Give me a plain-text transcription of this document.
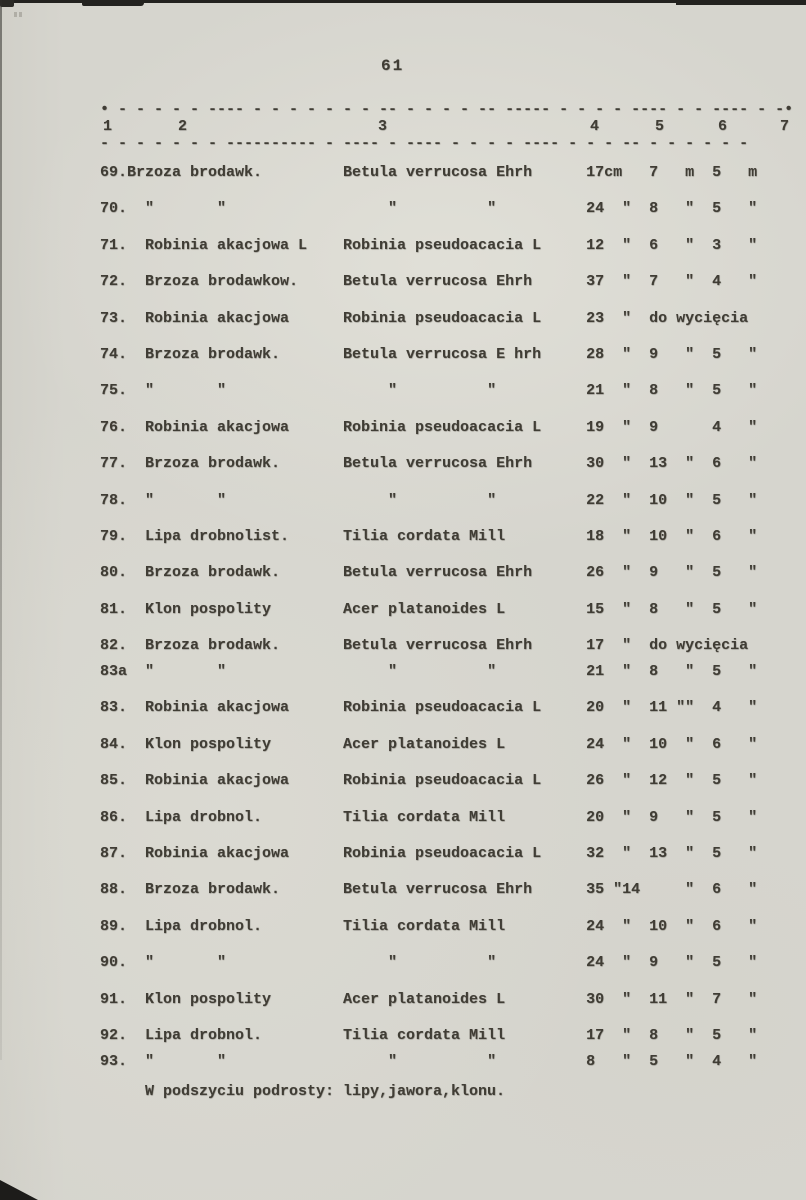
61
• - - - - - ---- - - - - - - - -- - - - - -- ----- - - - - ---- - - ---- - -•
1	2	3	4	5	6	7
- - - - - - - ---------- - ---- - ---- - - - - ---- - - - -- - - - - - -
69.Brzoza brodawk.         Betula verrucosa Ehrh      17cm   7   m  5   m
70.  "       "                  "          "          24  "  8   "  5   "
71.  Robinia akacjowa L    Robinia pseudoacacia L     12  "  6   "  3   "
72.  Brzoza brodawkow.     Betula verrucosa Ehrh      37  "  7   "  4   "
73.  Robinia akacjowa      Robinia pseudoacacia L     23  "  do wycięcia
74.  Brzoza brodawk.       Betula verrucosa E hrh     28  "  9   "  5   "
75.  "       "                  "          "          21  "  8   "  5   "
76.  Robinia akacjowa      Robinia pseudoacacia L     19  "  9      4   "
77.  Brzoza brodawk.       Betula verrucosa Ehrh      30  "  13  "  6   "
78.  "       "                  "          "          22  "  10  "  5   "
79.  Lipa drobnolist.      Tilia cordata Mill         18  "  10  "  6   "
80.  Brzoza brodawk.       Betula verrucosa Ehrh      26  "  9   "  5   "
81.  Klon pospolity        Acer platanoides L         15  "  8   "  5   "
82.  Brzoza brodawk.       Betula verrucosa Ehrh      17  "  do wycięcia
83a  "       "                  "          "          21  "  8   "  5   "
83.  Robinia akacjowa      Robinia pseudoacacia L     20  "  11 ""  4   "
84.  Klon pospolity        Acer platanoides L         24  "  10  "  6   "
85.  Robinia akacjowa      Robinia pseudoacacia L     26  "  12  "  5   "
86.  Lipa drobnol.         Tilia cordata Mill         20  "  9   "  5   "
87.  Robinia akacjowa      Robinia pseudoacacia L     32  "  13  "  5   "
88.  Brzoza brodawk.       Betula verrucosa Ehrh      35 "14     "  6   "
89.  Lipa drobnol.         Tilia cordata Mill         24  "  10  "  6   "
90.  "       "                  "          "          24  "  9   "  5   "
91.  Klon pospolity        Acer platanoides L         30  "  11  "  7   "
92.  Lipa drobnol.         Tilia cordata Mill         17  "  8   "  5   "
93.  "       "                  "          "          8   "  5   "  4   "
W podszyciu podrosty: lipy,jawora,klonu.
